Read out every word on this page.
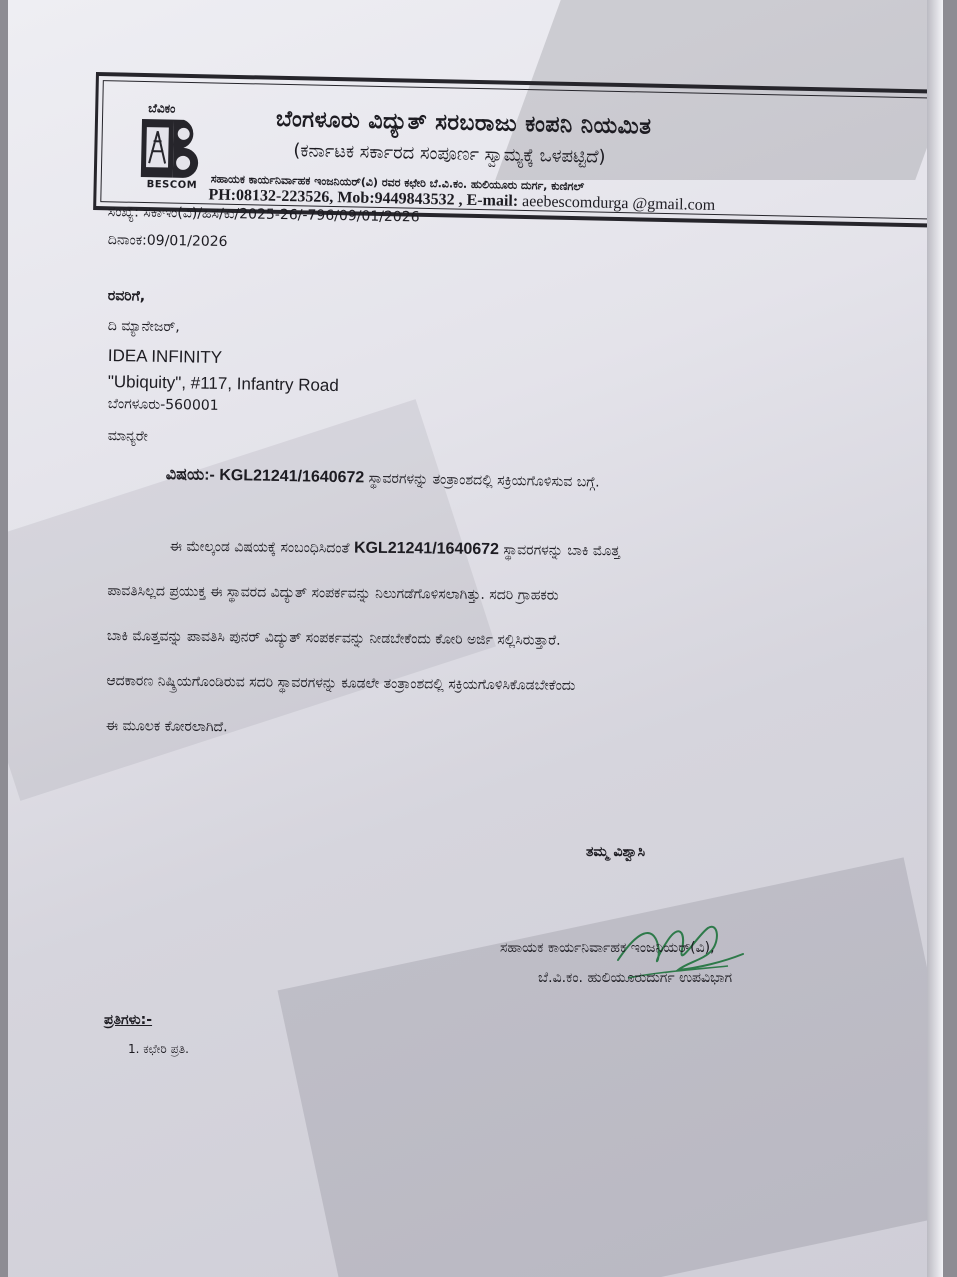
ಬೆವಿಕಂ
BESCOM
ಬೆಂಗಳೂರು ವಿದ್ಯುತ್ ಸರಬರಾಜು ಕಂಪನಿ ನಿಯಮಿತ
(ಕರ್ನಾಟಕ ಸರ್ಕಾರದ ಸಂಪೂರ್ಣ ಸ್ವಾಮ್ಯಕ್ಕೆ ಒಳಪಟ್ಟಿದೆ)
ಸಹಾಯಕ ಕಾರ್ಯನಿರ್ವಾಹಕ ಇಂಜನಿಯರ್(ವಿ) ರವರ ಕಛೇರಿ ಬೆ.ವಿ.ಕಂ. ಹುಲಿಯೂರು ದುರ್ಗ, ಕುಣಿಗಲ್
PH:08132-223526, Mob:9449843532 , E-mail: aeebescomdurga @gmail.com
ಸಂಖ್ಯೆ: ಸಕಾಇಂ(ವಿ)/ಹಿಸ/ಕು/2025-26/-796/09/01/2026
ದಿನಾಂಕ:09/01/2026
ರವರಿಗೆ,
ದಿ ಮ್ಯಾನೇಜರ್,
IDEA INFINITY
"Ubiquity", #117, Infantry Road
ಬೆಂಗಳೂರು-560001
ಮಾನ್ಯರೇ
ವಿಷಯ:- KGL21241/1640672 ಸ್ಥಾವರಗಳನ್ನು ತಂತ್ರಾಂಶದಲ್ಲಿ ಸಕ್ರಿಯಗೊಳಿಸುವ ಬಗ್ಗೆ.
ಈ ಮೇಲ್ಕಂಡ ವಿಷಯಕ್ಕೆ ಸಂಬಂಧಿಸಿದಂತೆ KGL21241/1640672 ಸ್ಥಾವರಗಳನ್ನು ಬಾಕಿ ಮೊತ್ತ
ಪಾವತಿಸಿಲ್ಲದ ಪ್ರಯುಕ್ತ ಈ ಸ್ಥಾವರದ ವಿದ್ಯುತ್ ಸಂಪರ್ಕವನ್ನು ನಿಲುಗಡೆಗೊಳಿಸಲಾಗಿತ್ತು. ಸದರಿ ಗ್ರಾಹಕರು
ಬಾಕಿ ಮೊತ್ತವನ್ನು ಪಾವತಿಸಿ ಪುನರ್ ವಿದ್ಯುತ್ ಸಂಪರ್ಕವನ್ನು ನೀಡಬೇಕೆಂದು ಕೋರಿ ಅರ್ಜಿ ಸಲ್ಲಿಸಿರುತ್ತಾರೆ.
ಆದಕಾರಣ ನಿಷ್ಕ್ರಿಯಗೊಂಡಿರುವ ಸದರಿ ಸ್ಥಾವರಗಳನ್ನು ಕೂಡಲೇ ತಂತ್ರಾಂಶದಲ್ಲಿ ಸಕ್ರಿಯಗೊಳಿಸಿಕೊಡಬೇಕೆಂದು
ಈ ಮೂಲಕ ಕೋರಲಾಗಿದೆ.
ತಮ್ಮ ವಿಶ್ವಾಸಿ
ಸಹಾಯಕ ಕಾರ್ಯನಿರ್ವಾಹಕ ಇಂಜನಿಯರ್(ವಿ),
ಬೆ.ವಿ.ಕಂ. ಹುಲಿಯೂರುದುರ್ಗ ಉಪವಿಭಾಗ
ಪ್ರತಿಗಳು:-
1. ಕಛೇರಿ ಪ್ರತಿ.
